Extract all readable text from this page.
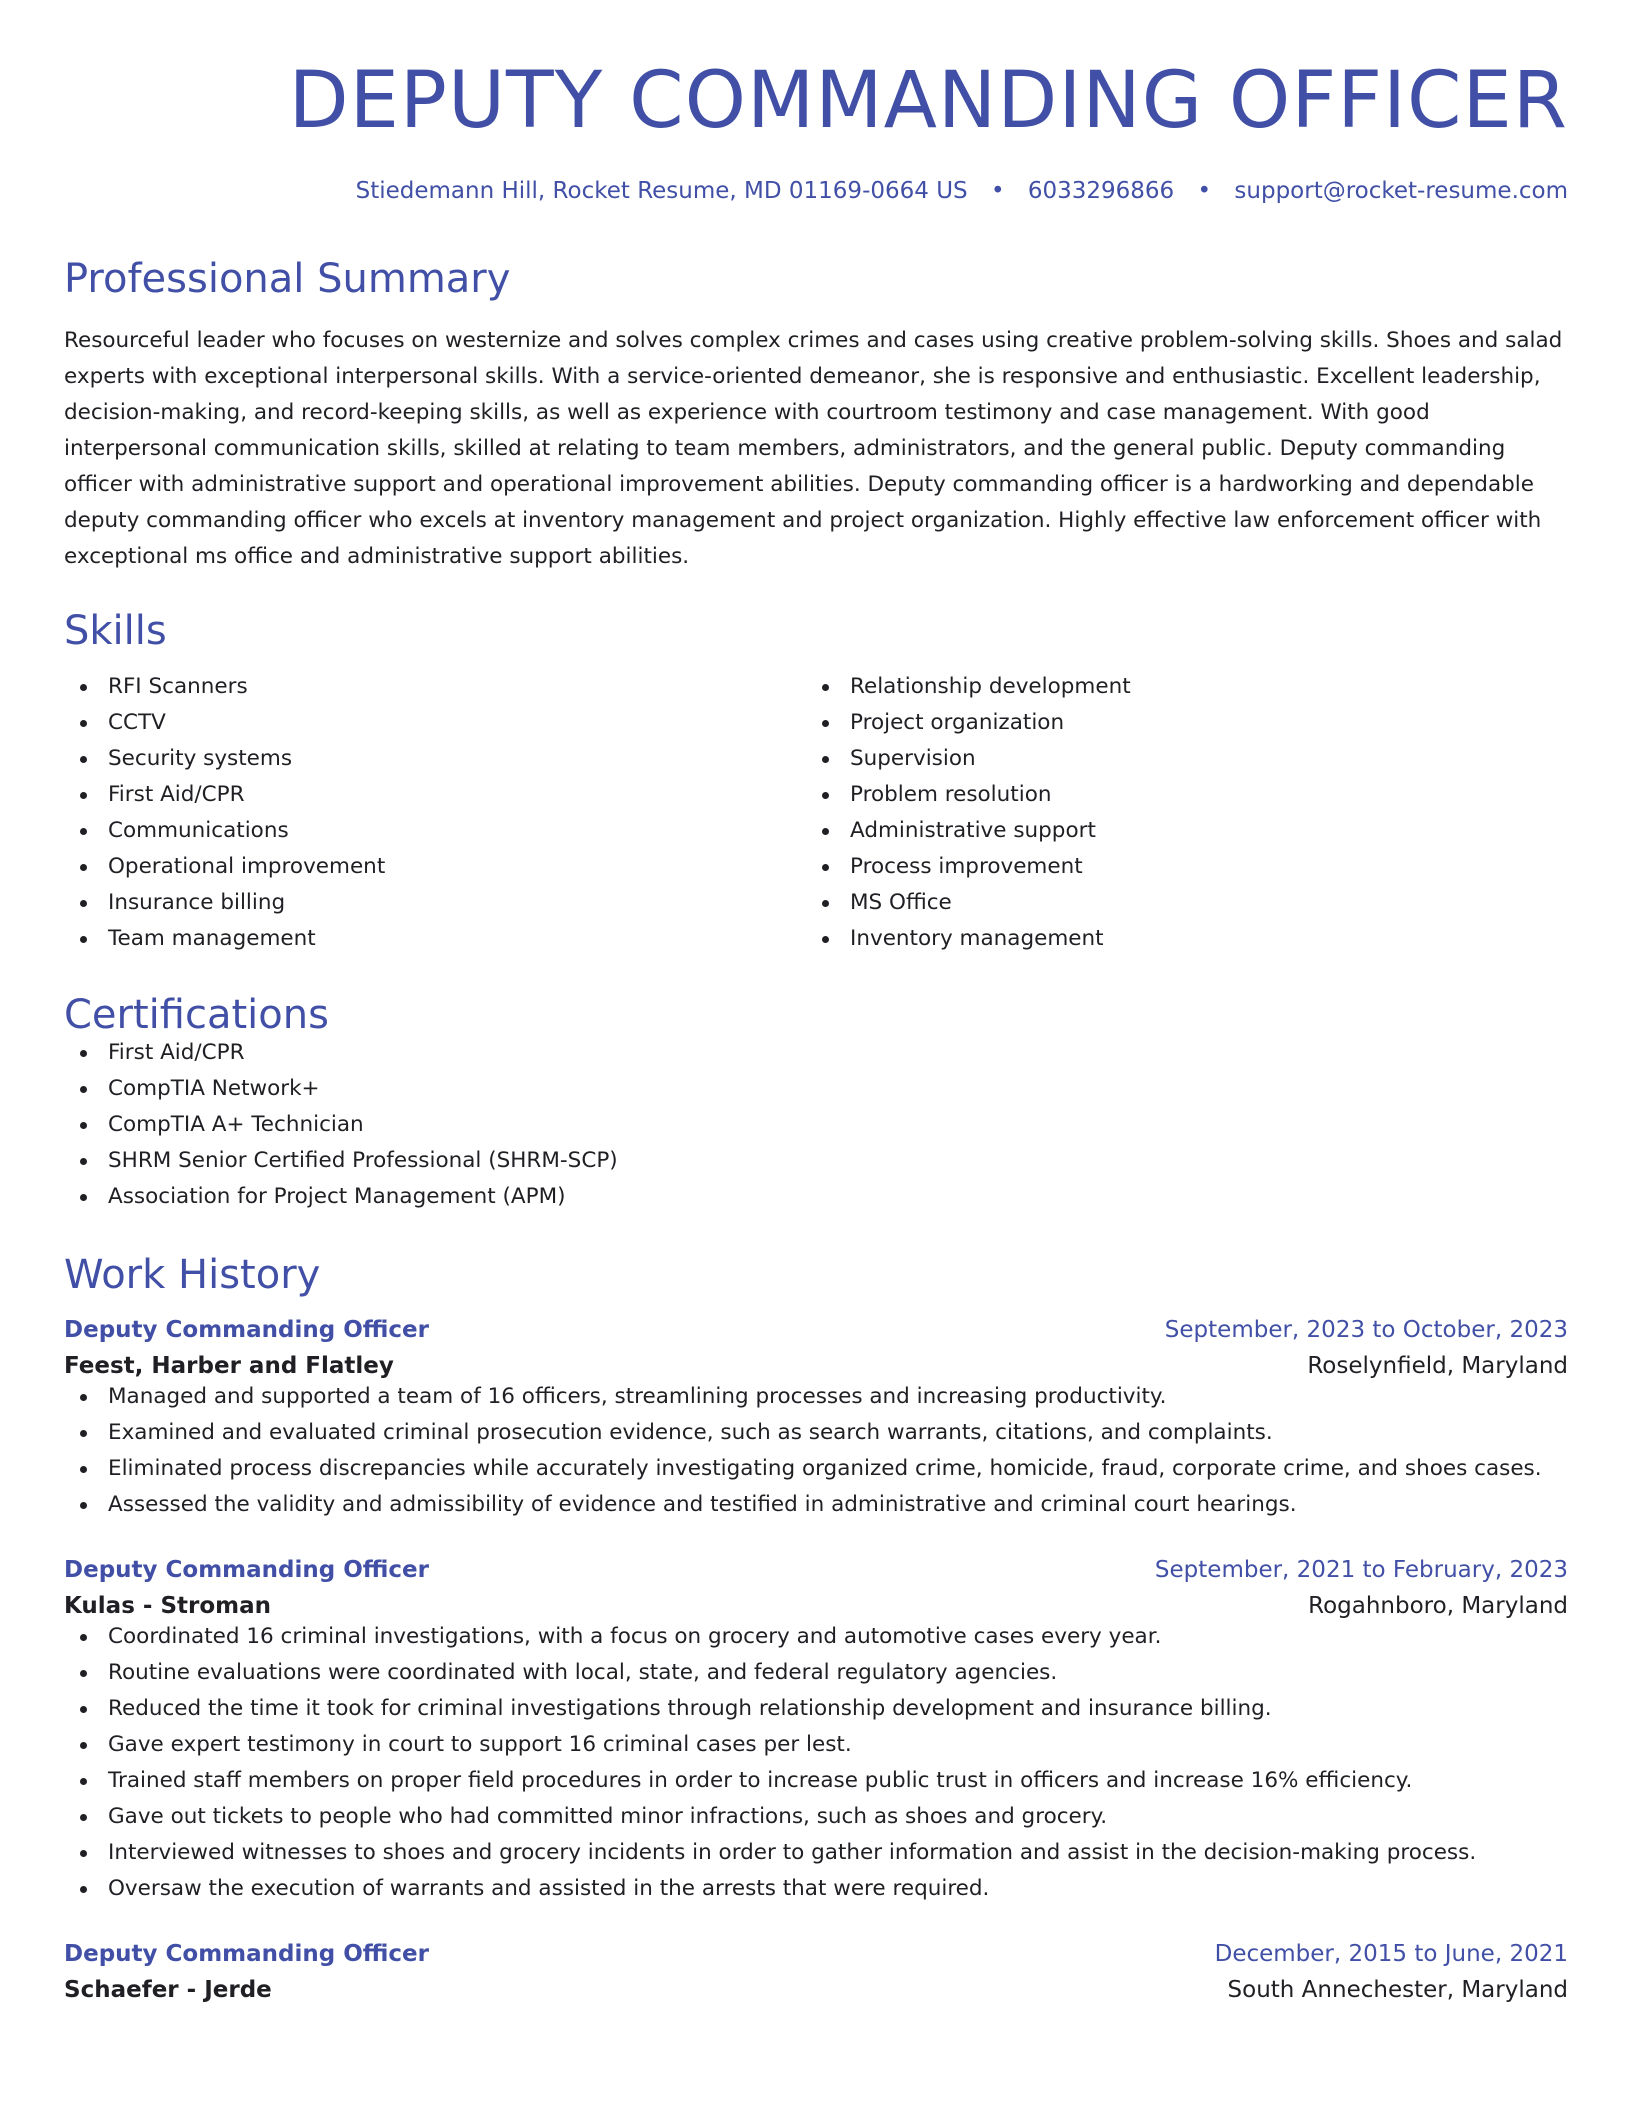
DEPUTY COMMANDING OFFICER
Stiedemann Hill, Rocket Resume, MD 01169-0664 US • 6033296866 • support@rocket-resume.com
Professional Summary
Resourceful leader who focuses on westernize and solves complex crimes and cases using creative problem-solving skills. Shoes and salad experts with exceptional interpersonal skills. With a service-oriented demeanor, she is responsive and enthusiastic. Excellent leadership, decision-making, and record-keeping skills, as well as experience with courtroom testimony and case management. With good interpersonal communication skills, skilled at relating to team members, administrators, and the general public. Deputy commanding officer with administrative support and operational improvement abilities. Deputy commanding officer is a hardworking and dependable deputy commanding officer who excels at inventory management and project organization. Highly effective law enforcement officer with exceptional ms office and administrative support abilities.
Skills
RFI Scanners
CCTV
Security systems
First Aid/CPR
Communications
Operational improvement
Insurance billing
Team management
Relationship development
Project organization
Supervision
Problem resolution
Administrative support
Process improvement
MS Office
Inventory management
Certifications
First Aid/CPR
CompTIA Network+
CompTIA A+ Technician
SHRM Senior Certified Professional (SHRM-SCP)
Association for Project Management (APM)
Work History
Deputy Commanding Officer	September, 2023 to October, 2023
Feest, Harber and Flatley	Roselynfield, Maryland
Managed and supported a team of 16 officers, streamlining processes and increasing productivity.
Examined and evaluated criminal prosecution evidence, such as search warrants, citations, and complaints.
Eliminated process discrepancies while accurately investigating organized crime, homicide, fraud, corporate crime, and shoes cases.
Assessed the validity and admissibility of evidence and testified in administrative and criminal court hearings.
Deputy Commanding Officer	September, 2021 to February, 2023
Kulas - Stroman	Rogahnboro, Maryland
Coordinated 16 criminal investigations, with a focus on grocery and automotive cases every year.
Routine evaluations were coordinated with local, state, and federal regulatory agencies.
Reduced the time it took for criminal investigations through relationship development and insurance billing.
Gave expert testimony in court to support 16 criminal cases per lest.
Trained staff members on proper field procedures in order to increase public trust in officers and increase 16% efficiency.
Gave out tickets to people who had committed minor infractions, such as shoes and grocery.
Interviewed witnesses to shoes and grocery incidents in order to gather information and assist in the decision-making process.
Oversaw the execution of warrants and assisted in the arrests that were required.
Deputy Commanding Officer	December, 2015 to June, 2021
Schaefer - Jerde	South Annechester, Maryland
